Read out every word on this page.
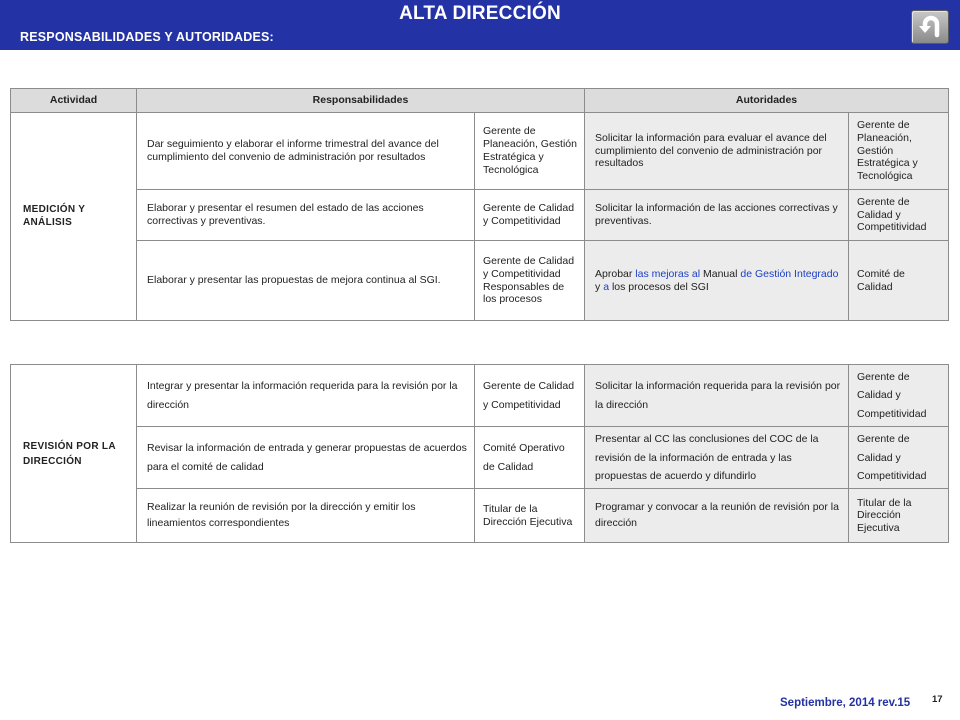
ALTA DIRECCIÓN
RESPONSABILIDADES Y AUTORIDADES:
Actividad	Responsabilidades		Autoridades	
MEDICIÓN Y ANÁLISIS	Dar seguimiento y elaborar el informe trimestral del avance del cumplimiento del convenio de administración por resultados	Gerente de Planeación, Gestión Estratégica y Tecnológica	Solicitar la información para evaluar el avance del cumplimiento del convenio de administración por resultados	Gerente de Planeación, Gestión Estratégica y Tecnológica
	Elaborar y presentar el resumen del estado de las acciones correctivas y preventivas.	Gerente de Calidad y Competitividad	Solicitar la información de las acciones correctivas y preventivas.	Gerente de Calidad y Competitividad
	Elaborar y presentar las propuestas de mejora continua al SGI.	Gerente de Calidad y Competitividad Responsables de los procesos	Aprobar las mejoras al Manual de Gestión Integrado y a los procesos del SGI	Comité de Calidad
REVISIÓN POR LA DIRECCIÓN	Integrar y presentar la información requerida para la revisión por la dirección	Gerente de Calidad y Competitividad	Solicitar la información requerida para la revisión por la dirección	Gerente de Calidad y Competitividad
	Revisar la información de entrada y generar propuestas de acuerdos para el comité de calidad	Comité Operativo de Calidad	Presentar al CC las conclusiones del COC de la revisión de la información de entrada y las propuestas de acuerdo y difundirlo	Gerente de Calidad y Competitividad
	Realizar la reunión de revisión por la dirección y emitir los lineamientos correspondientes	Titular de la Dirección Ejecutiva	Programar y convocar a la reunión de revisión por la dirección	Titular de la Dirección Ejecutiva
Septiembre, 2014 rev.15 17
